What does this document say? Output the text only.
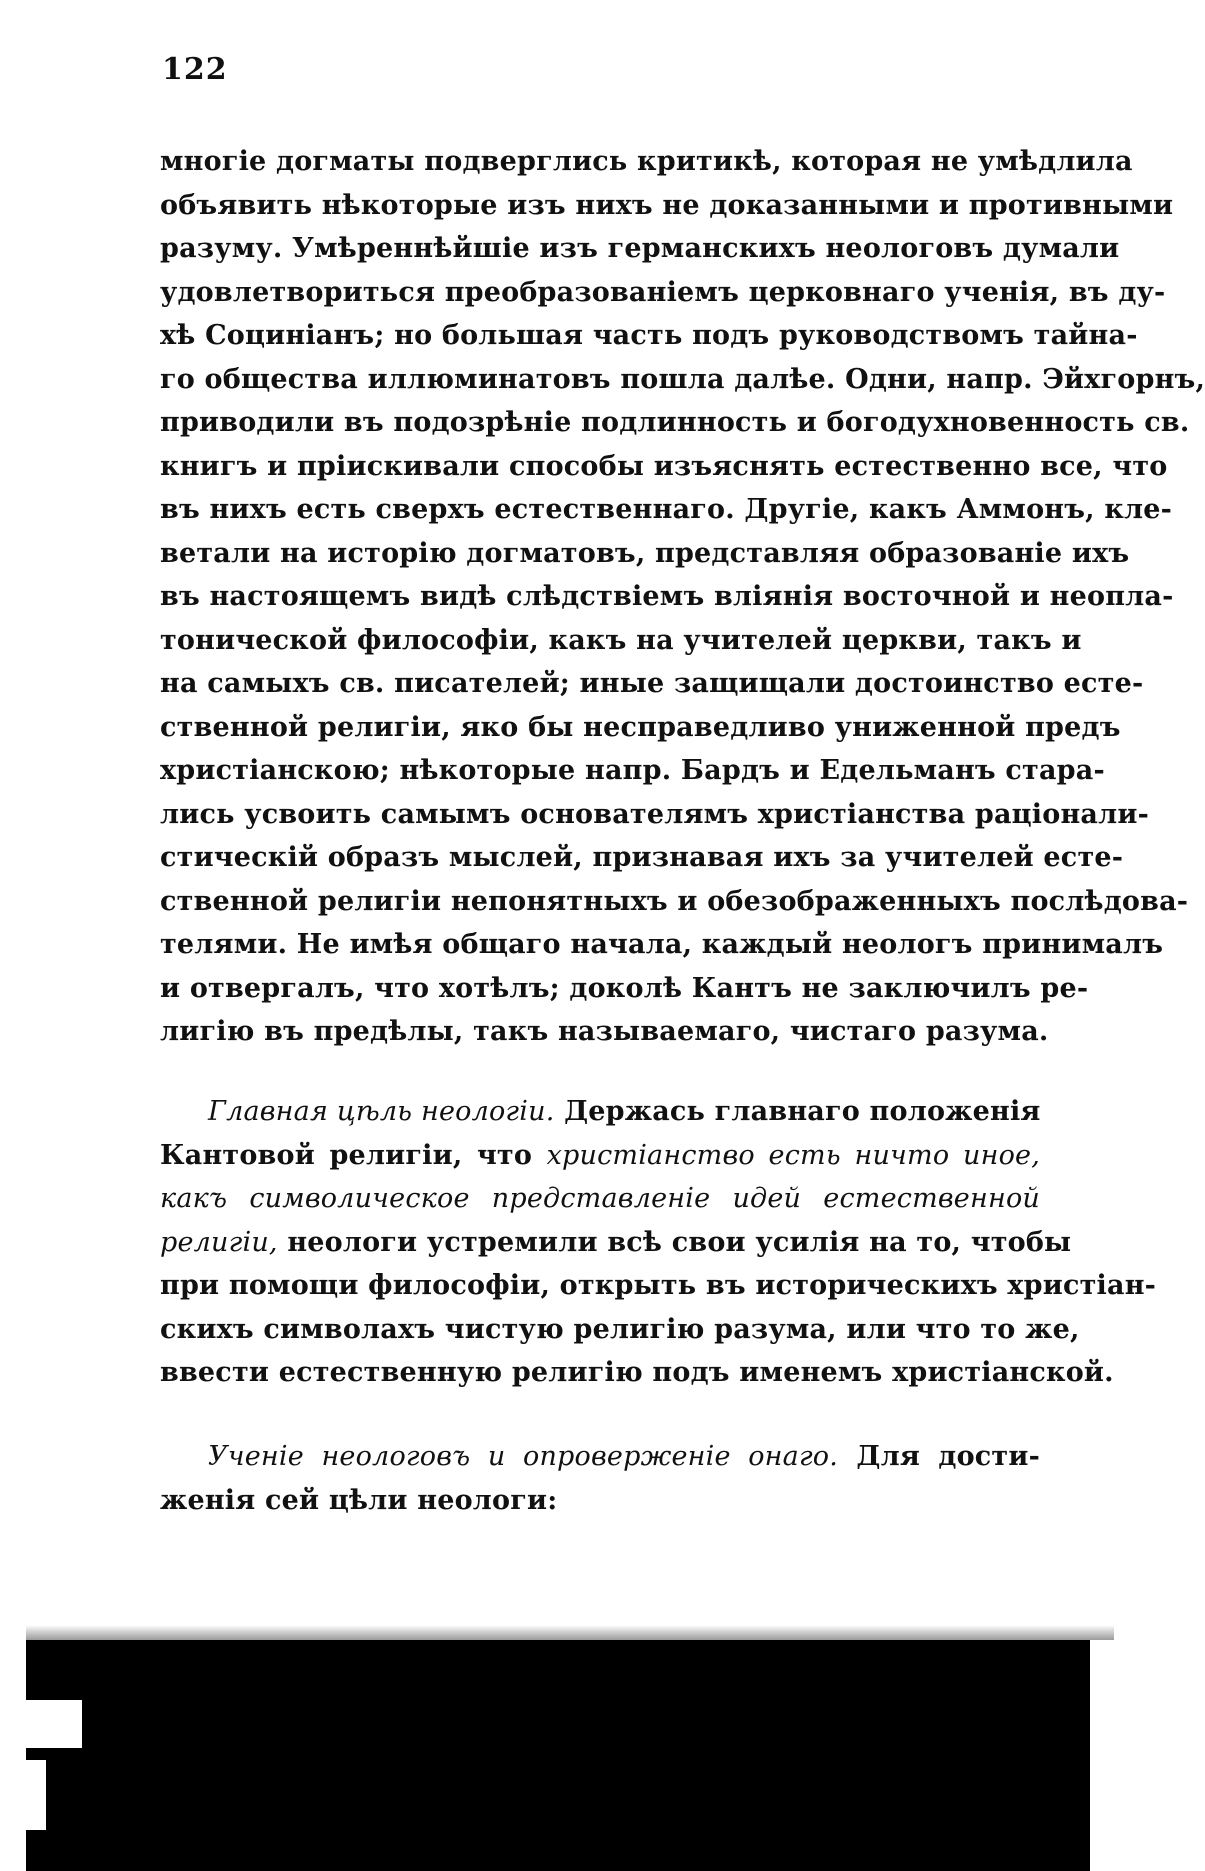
122
многіе догматы подверглись критикѣ, которая не умѣдлила
объявить нѣкоторые изъ нихъ не доказанными и противными
разуму. Умѣреннѣйшіе изъ германскихъ неологовъ думали
удовлетвориться преобразованіемъ церковнаго ученія, въ ду-
хѣ Социніанъ; но большая часть подъ руководствомъ тайна-
го общества иллюминатовъ пошла далѣе. Одни, напр. Эйхгорнъ,
приводили въ подозрѣніе подлинность и богодухновенность св.
книгъ и пріискивали способы изъяснять естественно все, что
въ нихъ есть сверхъ естественнаго. Другіе, какъ Аммонъ, кле-
ветали на исторію догматовъ, представляя образованіе ихъ
въ настоящемъ видѣ слѣдствіемъ вліянія восточной и неопла-
тонической философіи, какъ на учителей церкви, такъ и
на самыхъ св. писателей; иные защищали достоинство есте-
ственной религіи, яко бы несправедливо униженной предъ
христіанскою; нѣкоторые напр. Бардъ и Едельманъ стара-
лись усвоить самымъ основателямъ христіанства раціонали-
стическій образъ мыслей, признавая ихъ за учителей есте-
ственной религіи непонятныхъ и обезображенныхъ послѣдова-
телями. Не имѣя общаго начала, каждый неологъ принималъ
и отвергалъ, что хотѣлъ; доколѣ Кантъ не заключилъ ре-
лигію въ предѣлы, такъ называемаго, чистаго разума.
Главная цѣль неологіи. Держась главнаго положенія
Кантовой религіи, что христіанство есть ничто иное,
какъ символическое представленіе идей естественной
религіи, неологи устремили всѣ свои усилія на то, чтобы
при помощи философіи, открыть въ историческихъ христіан-
скихъ символахъ чистую религію разума, или что то же,
ввести естественную религію подъ именемъ христіанской.
Ученіе неологовъ и опроверженіе онаго. Для дости-
женія сей цѣли неологи:
